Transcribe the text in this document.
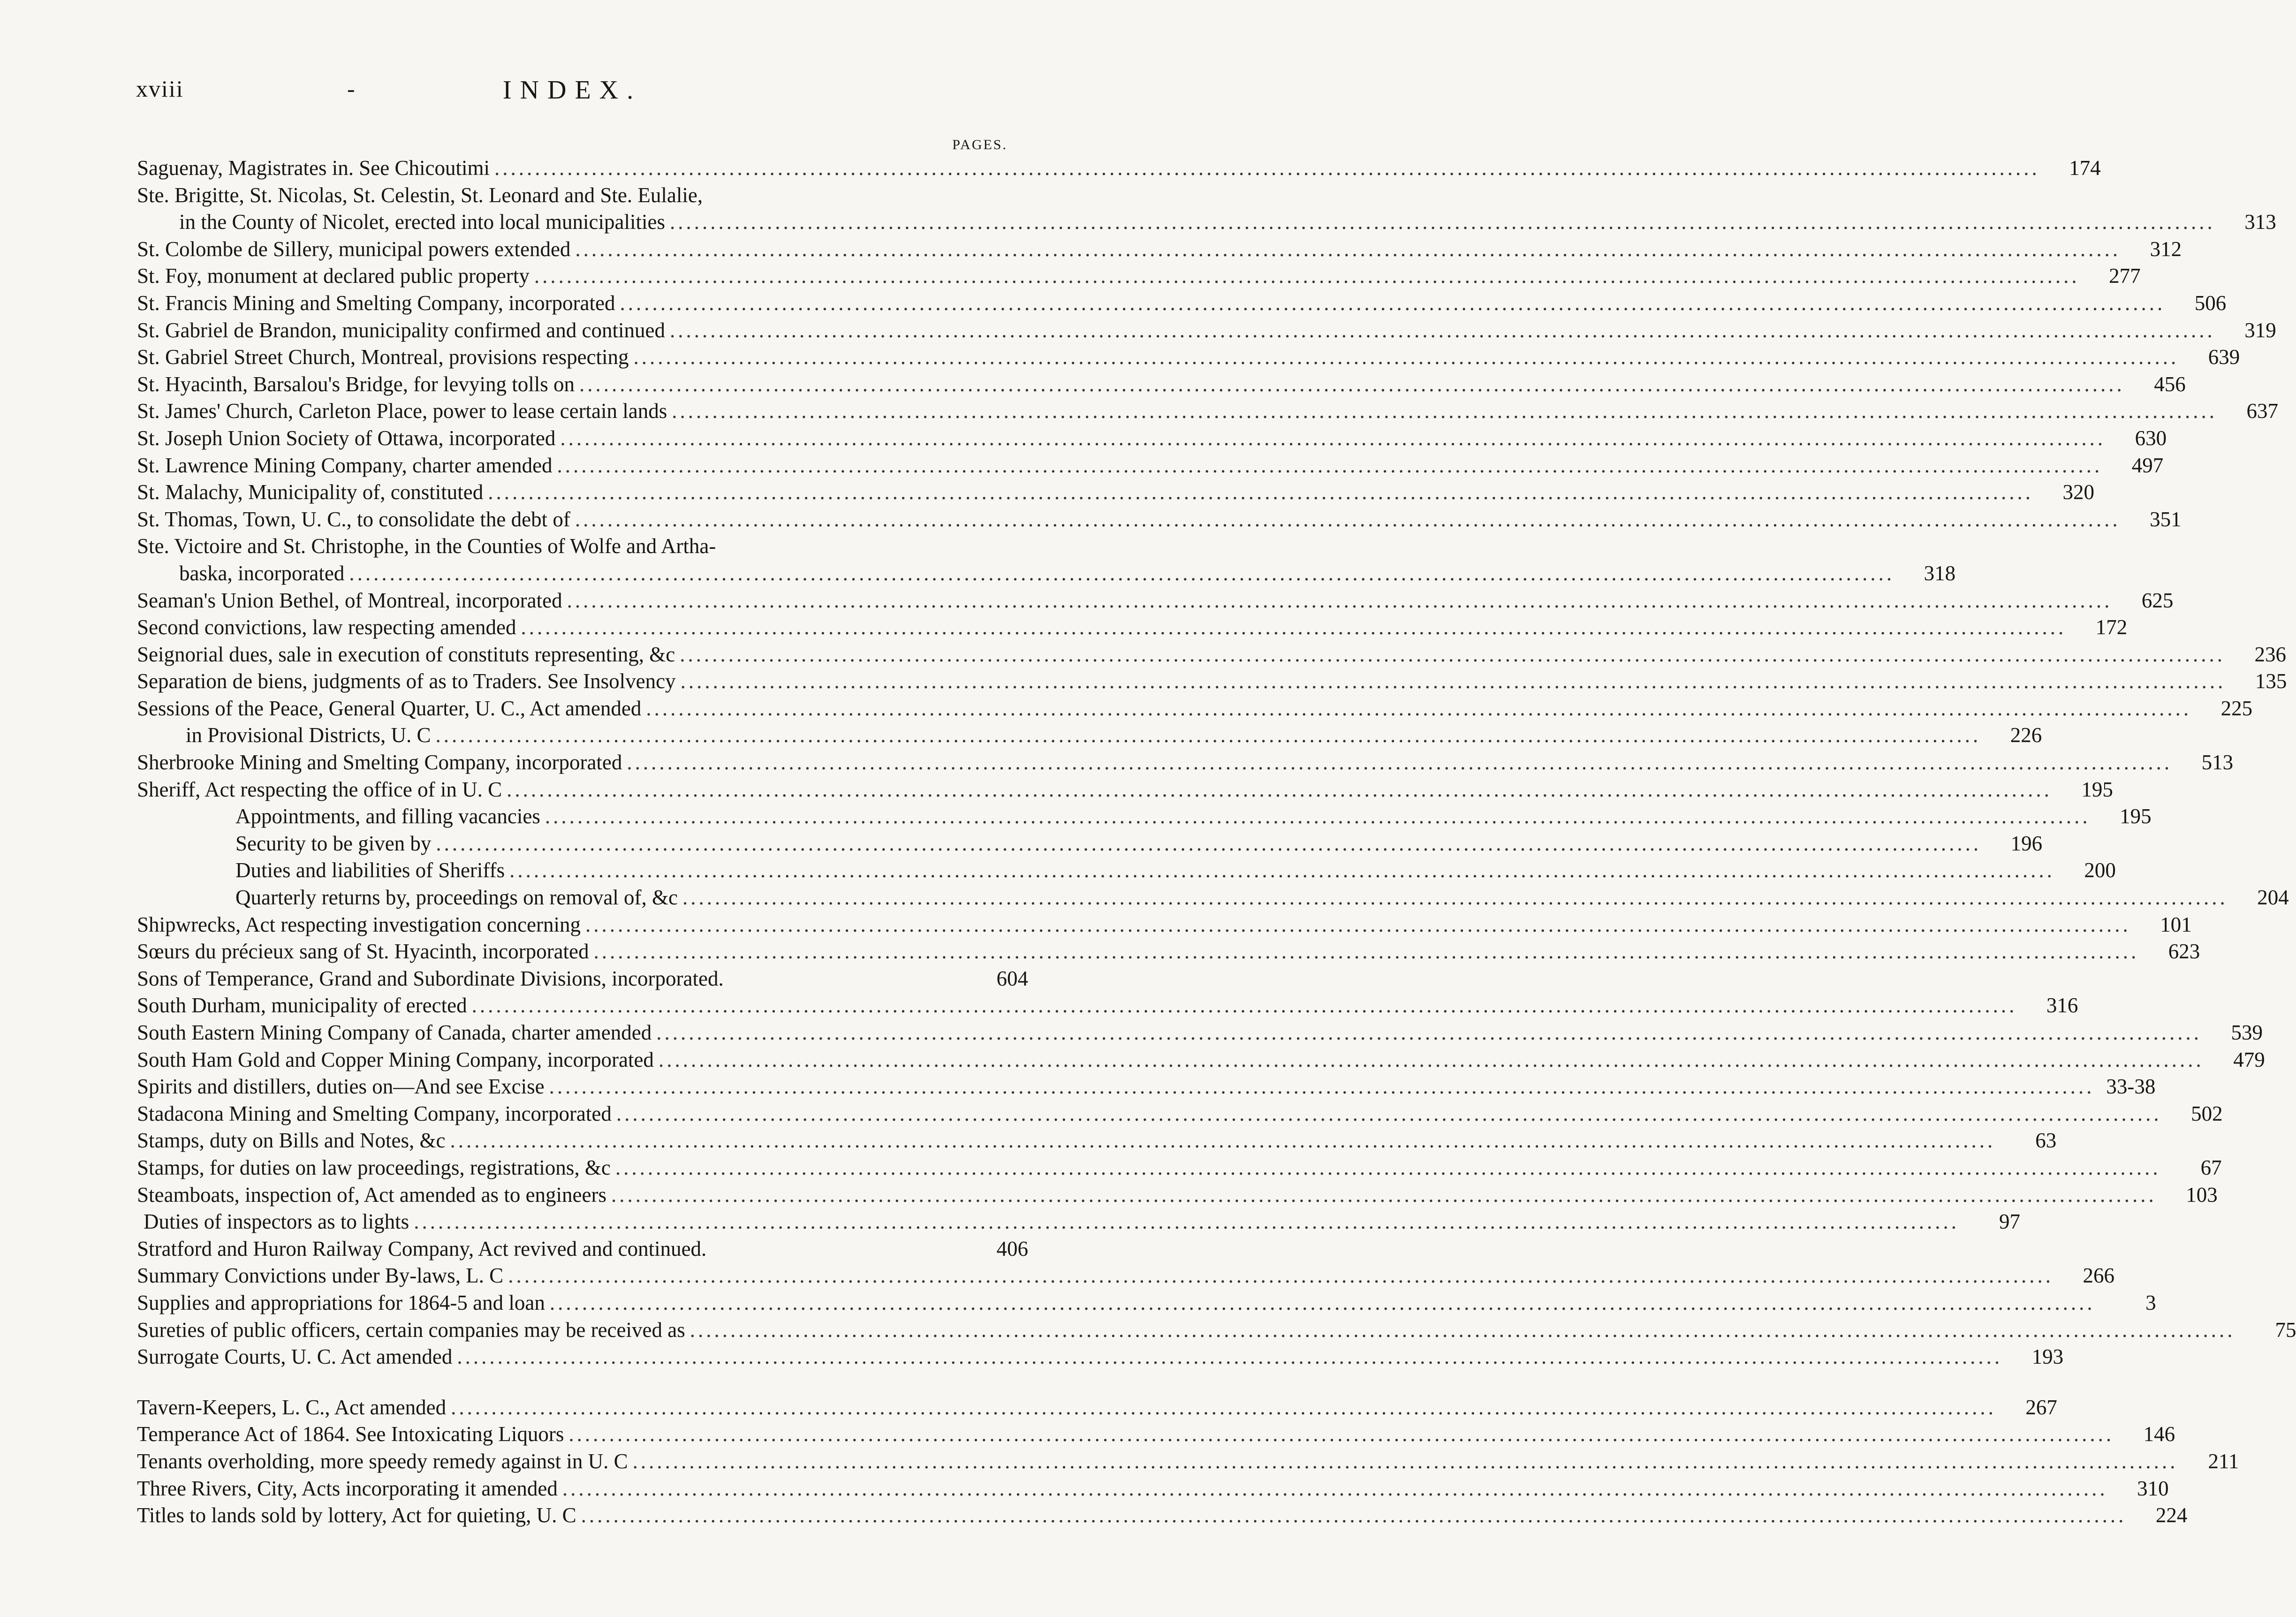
xviii	-	INDEX.
PAGES.
Saguenay, Magistrates in. See Chicoutimi .....	174
Ste. Brigitte, St. Nicolas, St. Celestin, St. Leonard and Ste. Eulalie,
in the County of Nicolet, erected into local municipalities .....	313
St. Colombe de Sillery, municipal powers extended .....	312
St. Foy, monument at declared public property .....	277
St. Francis Mining and Smelting Company, incorporated .....	506
St. Gabriel de Brandon, municipality confirmed and continued .....	319
St. Gabriel Street Church, Montreal, provisions respecting .....	639
St. Hyacinth, Barsalou's Bridge, for levying tolls on .....	456
St. James' Church, Carleton Place, power to lease certain lands .....	637
St. Joseph Union Society of Ottawa, incorporated .....	630
St. Lawrence Mining Company, charter amended .....	497
St. Malachy, Municipality of, constituted .....	320
St. Thomas, Town, U. C., to consolidate the debt of .....	351
Ste. Victoire and St. Christophe, in the Counties of Wolfe and Artha-
baska, incorporated .....	318
Seaman's Union Bethel, of Montreal, incorporated .....	625
Second convictions, law respecting amended .....	172
Seignorial dues, sale in execution of constituts representing, &c .....	236
Separation de biens, judgments of as to Traders. See Insolvency .....	135
Sessions of the Peace, General Quarter, U. C., Act amended .....	225
in Provisional Districts, U. C .....	226
Sherbrooke Mining and Smelting Company, incorporated .....	513
Sheriff, Act respecting the office of in U. C .....	195
Appointments, and filling vacancies .....	195
Security to be given by .....	196
Duties and liabilities of Sheriffs .....	200
Quarterly returns by, proceedings on removal of, &c .....	204
Shipwrecks, Act respecting investigation concerning .....	101
Sœurs du précieux sang of St. Hyacinth, incorporated .....	623
Sons of Temperance, Grand and Subordinate Divisions, incorporated.	604
South Durham, municipality of erected .....	316
South Eastern Mining Company of Canada, charter amended .....	539
South Ham Gold and Copper Mining Company, incorporated .....	479
Spirits and distillers, duties on—And see Excise .....	33-38
Stadacona Mining and Smelting Company, incorporated .....	502
Stamps, duty on Bills and Notes, &c .....	63
Stamps, for duties on law proceedings, registrations, &c .....	67
Steamboats, inspection of, Act amended as to engineers .....	103
Duties of inspectors as to lights .....	97
Stratford and Huron Railway Company, Act revived and continued.	406
Summary Convictions under By-laws, L. C .....	266
Supplies and appropriations for 1864-5 and loan .....	3
Sureties of public officers, certain companies may be received as .....	75
Surrogate Courts, U. C. Act amended .....	193
Tavern-Keepers, L. C., Act amended .....	267
Temperance Act of 1864. See Intoxicating Liquors .....	146
Tenants overholding, more speedy remedy against in U. C .....	211
Three Rivers, City, Acts incorporating it amended .....	310
Titles to lands sold by lottery, Act for quieting, U. C .....	224
